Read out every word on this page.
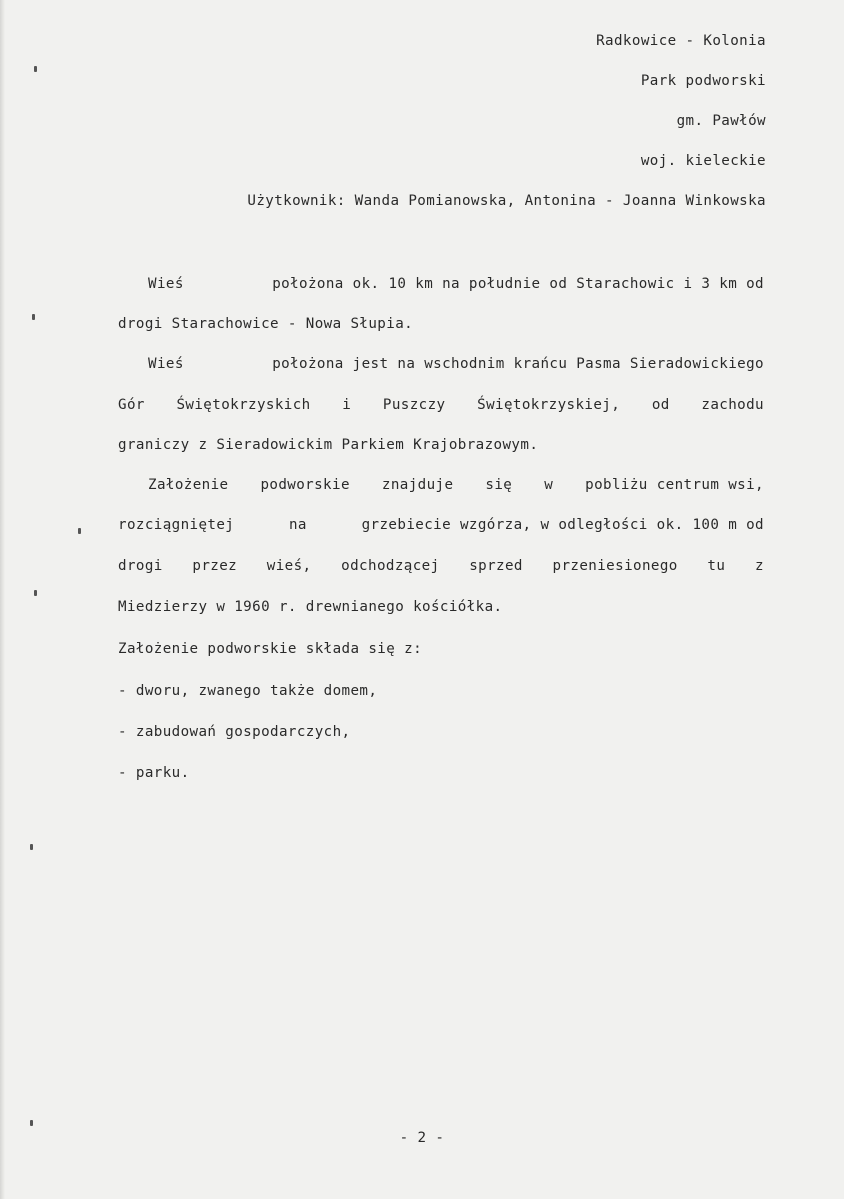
Radkowice - Kolonia
Park podworski
gm. Pawłów
woj. kieleckie
Użytkownik: Wanda Pomianowska, Antonina - Joanna Winkowska
Wieś	położona ok. 10 km na południe od Starachowic i 3 km od
drogi Starachowice - Nowa Słupia.
Wieś	położona jest na wschodnim krańcu Pasma Sieradowickiego
Gór Świętokrzyskich i Puszczy Świętokrzyskiej, od zachodu
graniczy z Sieradowickim Parkiem Krajobrazowym.
Założenie podworskie znajduje się w pobliżu centrum wsi,
rozciągniętej	na	grzebiecie wzgórza, w odległości ok. 100 m od
drogi przez wieś, odchodzącej sprzed przeniesionego tu z
Miedzierzy w 1960 r. drewnianego kościółka.
Założenie podworskie składa się z:
- dworu, zwanego także domem,
- zabudowań gospodarczych,
- parku.
- 2 -
